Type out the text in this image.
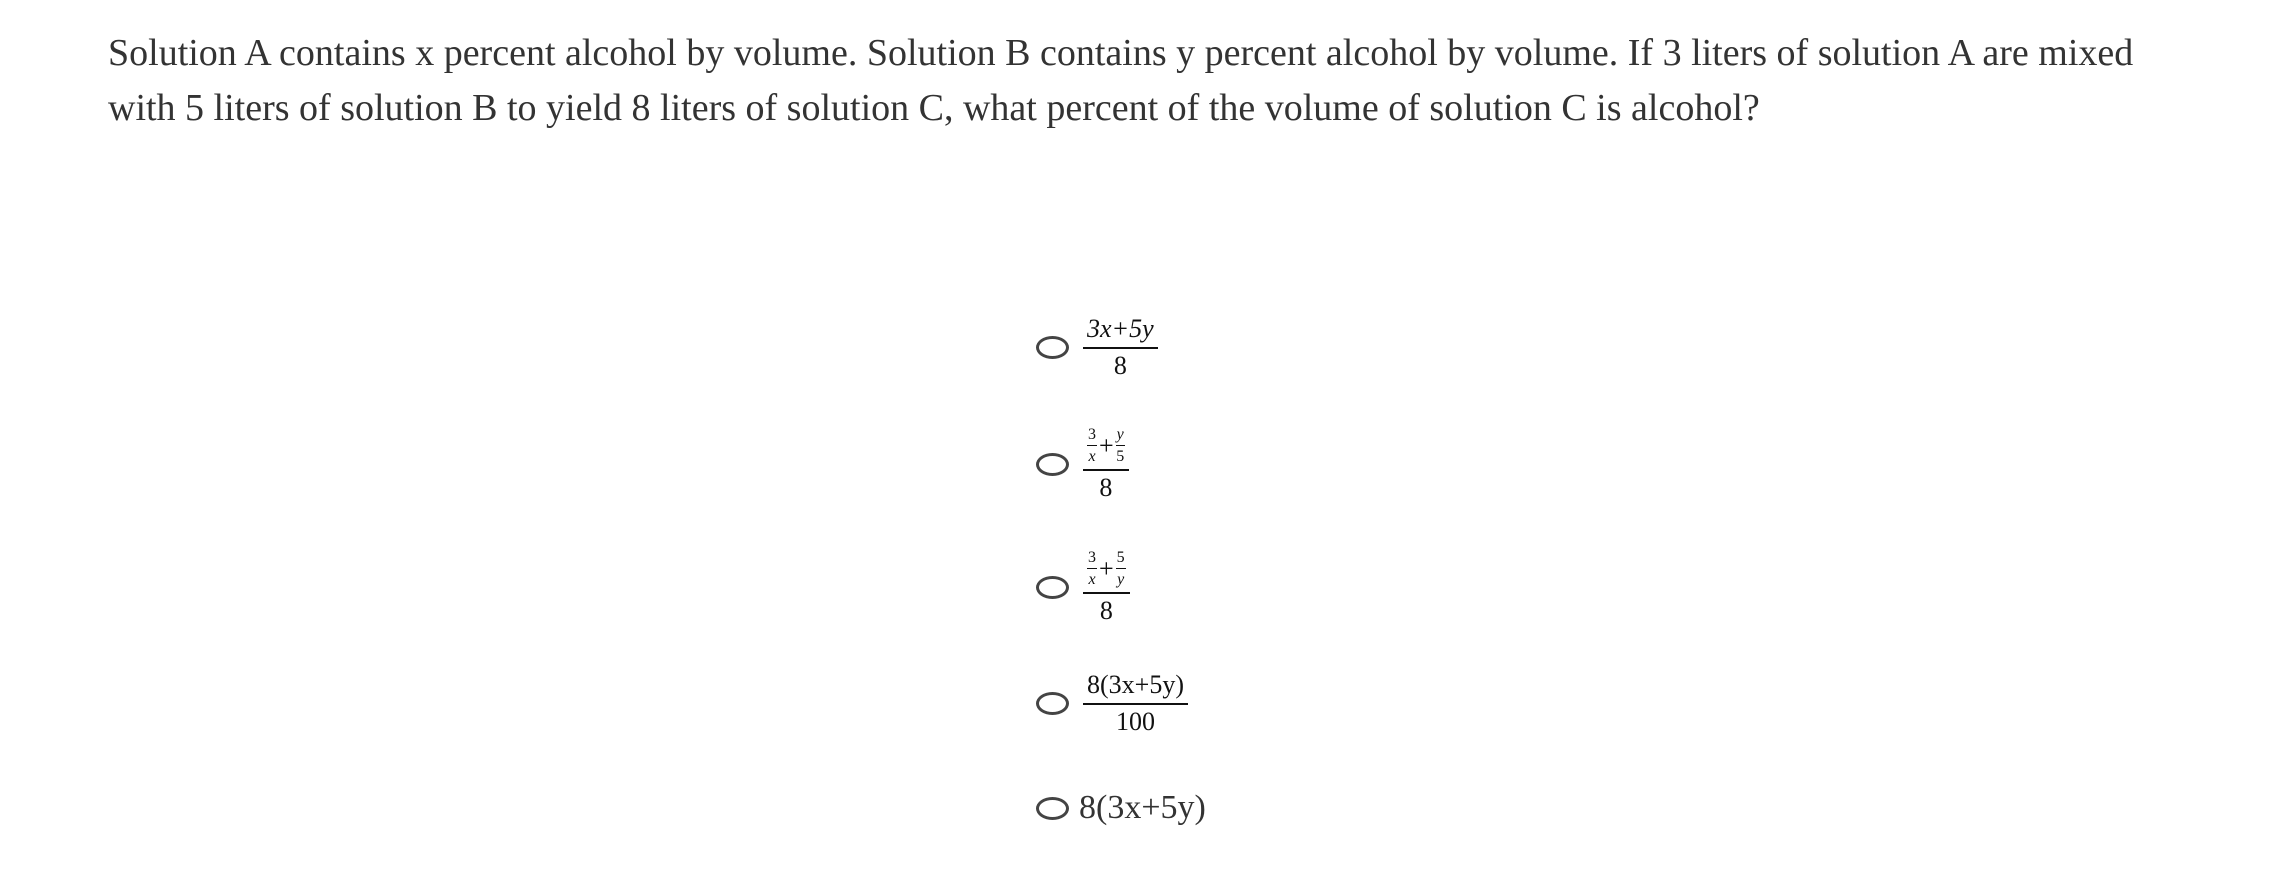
Solution A contains x percent alcohol by volume. Solution B contains y percent alcohol by volume. If 3 liters of solution A are mixed with 5 liters of solution B to yield 8 liters of solution C, what percent of the volume of solution C is alcohol?
$\frac{3x+5y}{8}$
$\frac{3}{x} + \frac{y}{5}$
8
$\frac{3}{x} + \frac{5}{y}$
8
$\frac{8(3x+5y)}{100}$
8(3x+5y)
